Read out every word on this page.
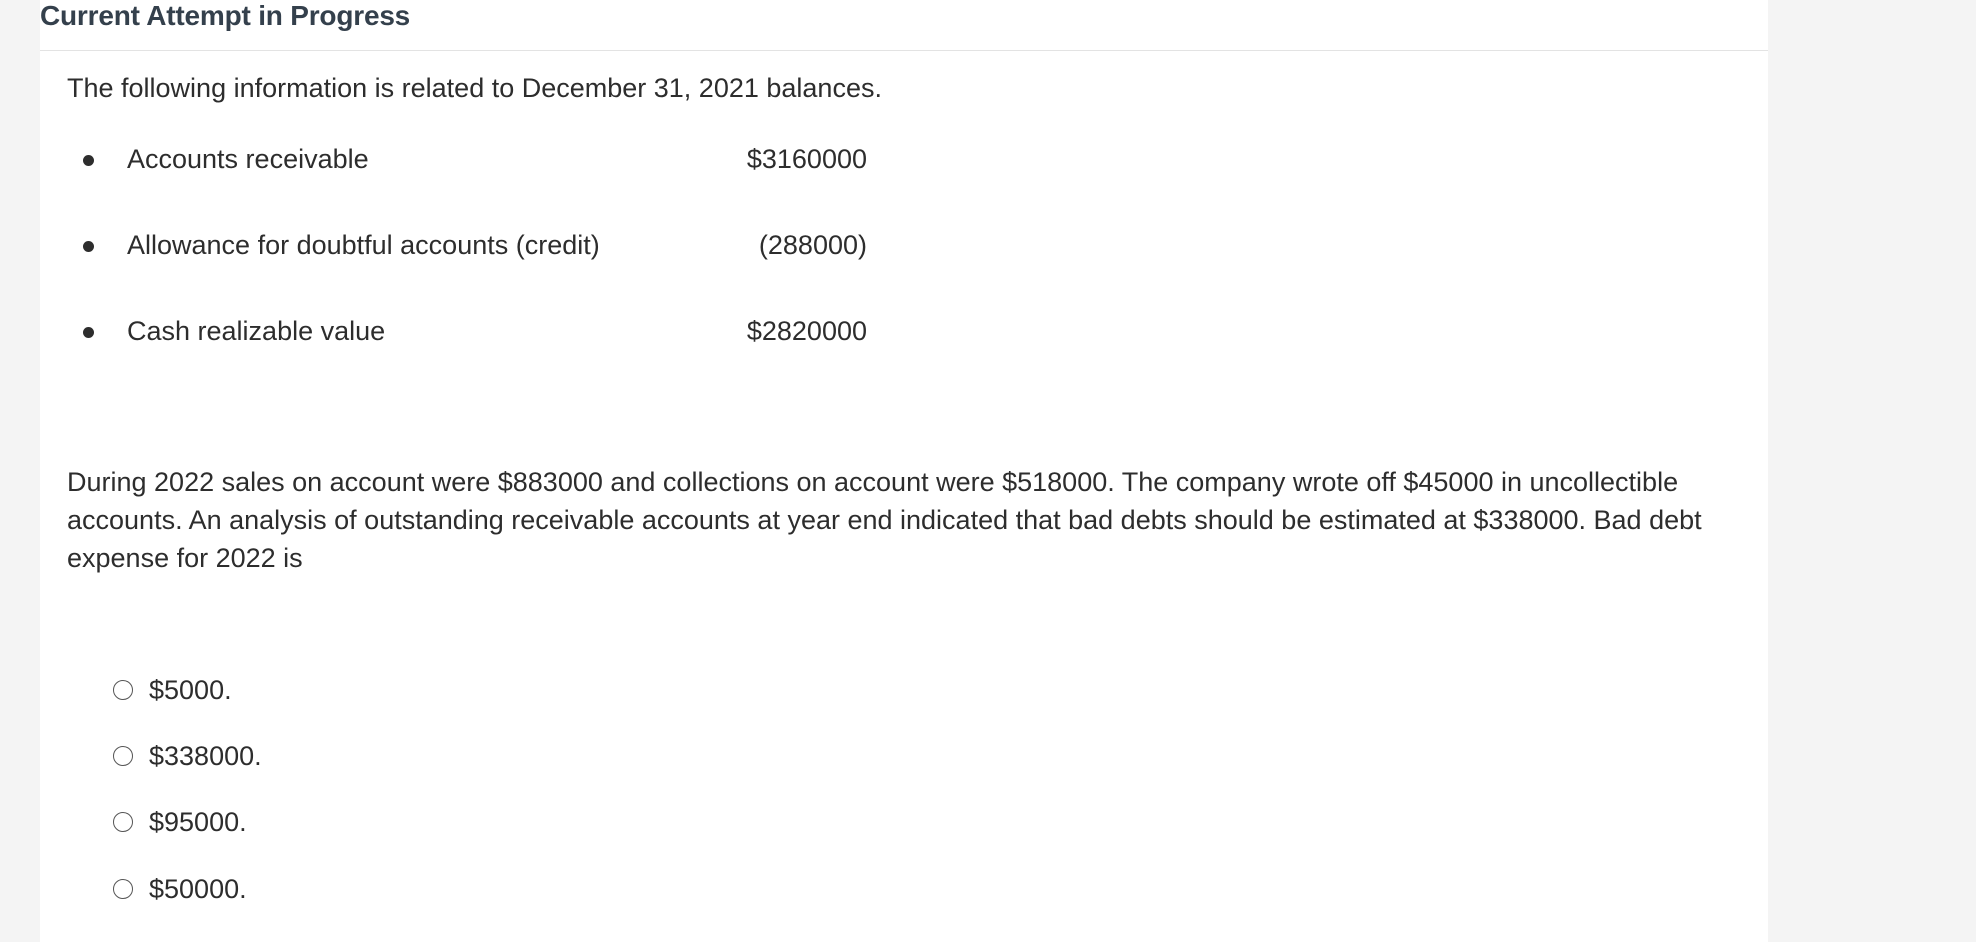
Current Attempt in Progress

The following information is related to December 31, 2021 balances.

Accounts receivable	$3160000
Allowance for doubtful accounts (credit)	(288000)
Cash realizable value	$2820000

During 2022 sales on account were $883000 and collections on account were $518000. The company wrote off $45000 in uncollectible accounts. An analysis of outstanding receivable accounts at year end indicated that bad debts should be estimated at $338000. Bad debt expense for 2022 is

$5000.
$338000.
$95000.
$50000.
